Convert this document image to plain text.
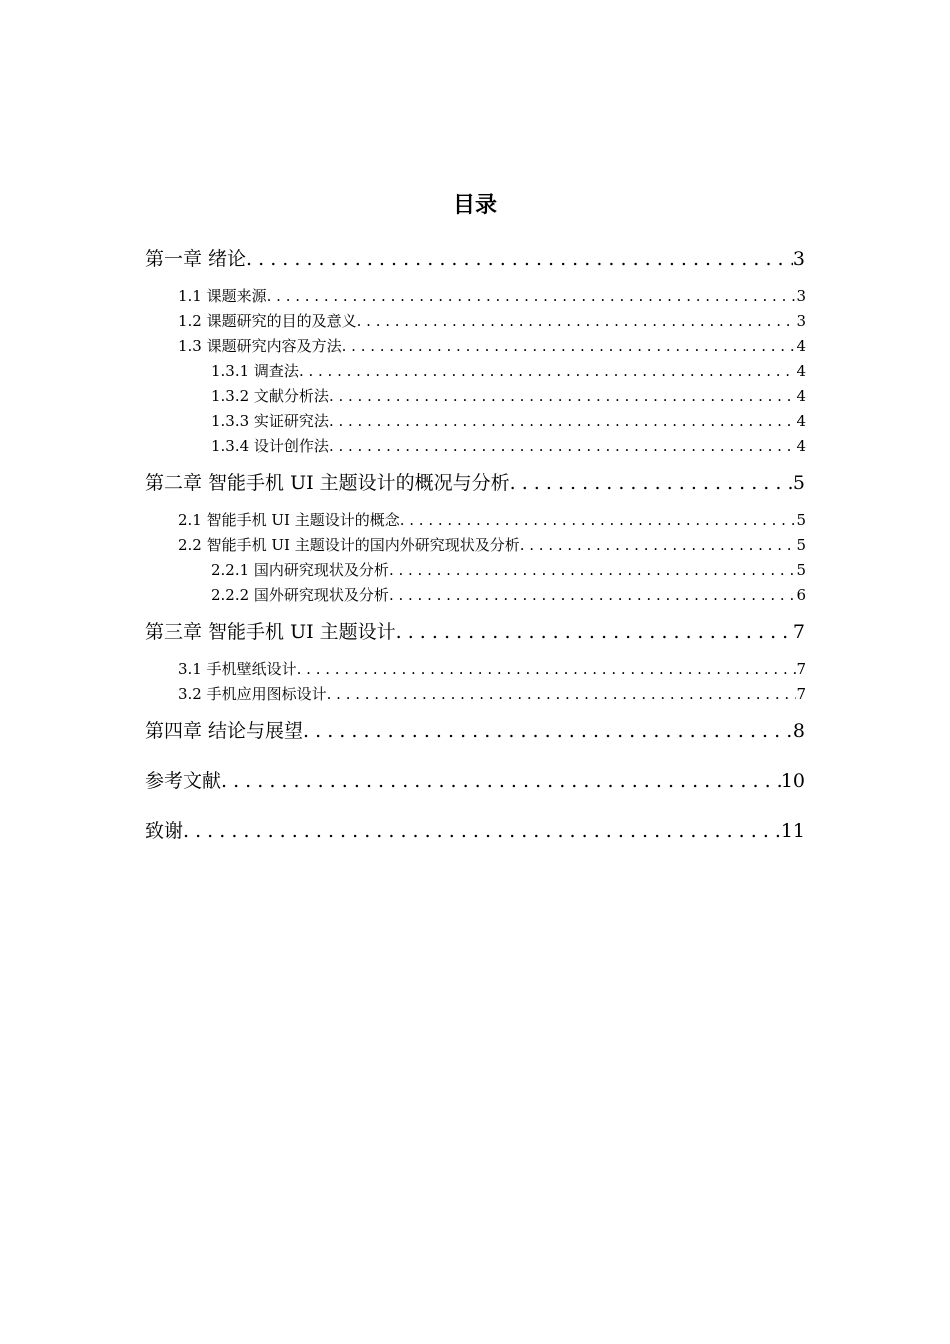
目录
第一章 绪论 . . .	3
1.1 课题来源 . . .	3
1.2 课题研究的目的及意义 . . .	3
1.3 课题研究内容及方法 . . .	4
1.3.1 调查法 . . .	4
1.3.2 文献分析法 . . .	4
1.3.3 实证研究法 . . .	4
1.3.4 设计创作法 . . .	4
第二章 智能手机 UI 主题设计的概况与分析 . . .	5
2.1 智能手机 UI 主题设计的概念 . . .	5
2.2 智能手机 UI 主题设计的国内外研究现状及分析 . . .	5
2.2.1 国内研究现状及分析 . . .	5
2.2.2 国外研究现状及分析 . . .	6
第三章 智能手机 UI 主题设计 . . .	7
3.1 手机壁纸设计 . . .	7
3.2 手机应用图标设计 . . .	7
第四章 结论与展望 . . .	8
参考文献 . . .	10
致谢 . . .	11
